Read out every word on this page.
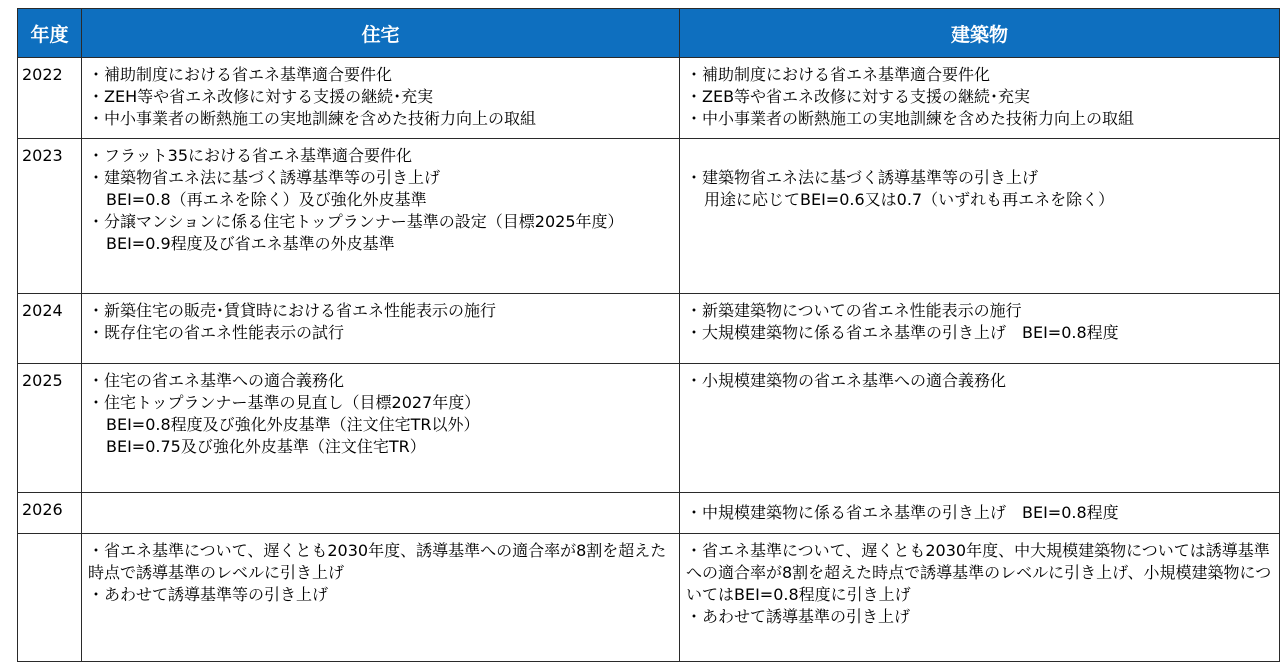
年度	住宅	建築物
2022	・補助制度における省エネ基準適合要件化
・ZEH等や省エネ改修に対する支援の継続･充実
・中小事業者の断熱施工の実地訓練を含めた技術力向上の取組	・補助制度における省エネ基準適合要件化
・ZEB等や省エネ改修に対する支援の継続･充実
・中小事業者の断熱施工の実地訓練を含めた技術力向上の取組

2023	・フラット35における省エネ基準適合要件化
・建築物省エネ法に基づく誘導基準等の引き上げ
BEI=0.8（再エネを除く）及び強化外皮基準
・分譲マンションに係る住宅トップランナー基準の設定（目標2025年度）
BEI=0.9程度及び省エネ基準の外皮基準	・建築物省エネ法に基づく誘導基準等の引き上げ
用途に応じてBEI=0.6又は0.7（いずれも再エネを除く）

2024	・新築住宅の販売･賃貸時における省エネ性能表示の施行
・既存住宅の省エネ性能表示の試行	・新築建築物についての省エネ性能表示の施行
・大規模建築物に係る省エネ基準の引き上げ　BEI=0.8程度

2025	・住宅の省エネ基準への適合義務化
・住宅トップランナー基準の見直し（目標2027年度）
BEI=0.8程度及び強化外皮基準（注文住宅TR以外）
BEI=0.75及び強化外皮基準（注文住宅TR）	・小規模建築物の省エネ基準への適合義務化

2026		・中規模建築物に係る省エネ基準の引き上げ　BEI=0.8程度

	・省エネ基準について、遅くとも2030年度、誘導基準への適合率が8割を超えた時点で誘導基準のレベルに引き上げ
・あわせて誘導基準等の引き上げ	・省エネ基準について、遅くとも2030年度、中大規模建築物については誘導基準への適合率が8割を超えた時点で誘導基準のレベルに引き上げ、小規模建築物についてはBEI=0.8程度に引き上げ
・あわせて誘導基準の引き上げ
